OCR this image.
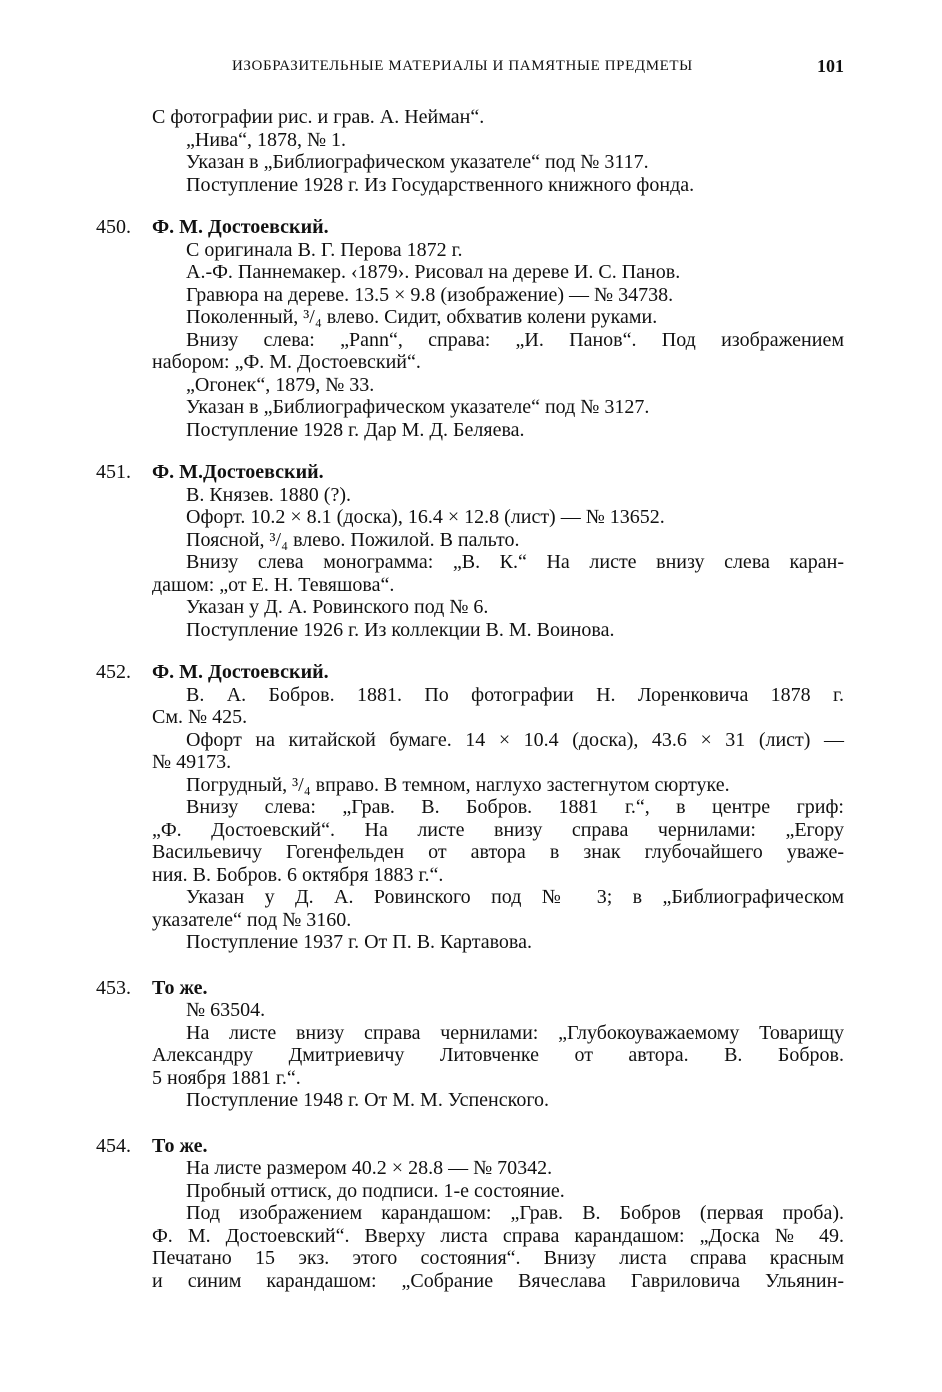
ИЗОБРАЗИТЕЛЬНЫЕ МАТЕРИАЛЫ И ПАМЯТНЫЕ ПРЕДМЕТЫ	101
С фотографии рис. и грав. А. Нейман“.
„Нива“, 1878, № 1.
Указан в „Библиографическом указателе“ под № 3117.
Поступление 1928 г. Из Государственного книжного фонда.
450. Ф. М. Достоевский.
С оригинала В. Г. Перова 1872 г.
А.-Ф. Паннемакер. ‹1879›. Рисовал на дереве И. С. Панов.
Гравюра на дереве. 13.5 × 9.8 (изображение) — № 34738.
Поколенный, ³/₄ влево. Сидит, обхватив колени руками.
Внизу слева: „Pann“, справа: „И. Панов“. Под изображением
набором: „Ф. М. Достоевский“.
„Огонек“, 1879, № 33.
Указан в „Библиографическом указателе“ под № 3127.
Поступление 1928 г. Дар М. Д. Беляева.
451. Ф. М.Достоевский.
В. Князев. 1880 (?).
Офорт. 10.2 × 8.1 (доска), 16.4 × 12.8 (лист) — № 13652.
Поясной, ³/₄ влево. Пожилой. В пальто.
Внизу слева монограмма: „В. К.“ На листе внизу слева каран-
дашом: „от Е. Н. Тевяшова“.
Указан у Д. А. Ровинского под № 6.
Поступление 1926 г. Из коллекции В. М. Воинова.
452. Ф. М. Достоевский.
В. А. Бобров. 1881. По фотографии Н. Лоренковича 1878 г.
См. № 425.
Офорт на китайской бумаге. 14 × 10.4 (доска), 43.6 × 31 (лист) —
№ 49173.
Погрудный, ³/₄ вправо. В темном, наглухо застегнутом сюртуке.
Внизу слева: „Грав. В. Бобров. 1881 г.“, в центре гриф:
„Ф. Достоевский“. На листе внизу справа чернилами: „Егору
Васильевичу Гогенфельден от автора в знак глубочайшего уваже-
ния. В. Бобров. 6 октября 1883 г.“.
Указан у Д. А. Ровинского под № 3; в „Библиографическом
указателе“ под № 3160.
Поступление 1937 г. От П. В. Картавова.
453. То же.
№ 63504.
На листе внизу справа чернилами: „Глубокоуважаемому Товарищу
Александру Дмитриевичу Литовченке от автора. В. Бобров.
5 ноября 1881 г.“.
Поступление 1948 г. От М. М. Успенского.
454. То же.
На листе размером 40.2 × 28.8 — № 70342.
Пробный оттиск, до подписи. 1-е состояние.
Под изображением карандашом: „Грав. В. Бобров (первая проба).
Ф. М. Достоевский“. Вверху листа справа карандашом: „Доска № 49.
Печатано 15 экз. этого состояния“. Внизу листа справа красным
и синим карандашом: „Собрание Вячеслава Гавриловича Ульянин-
